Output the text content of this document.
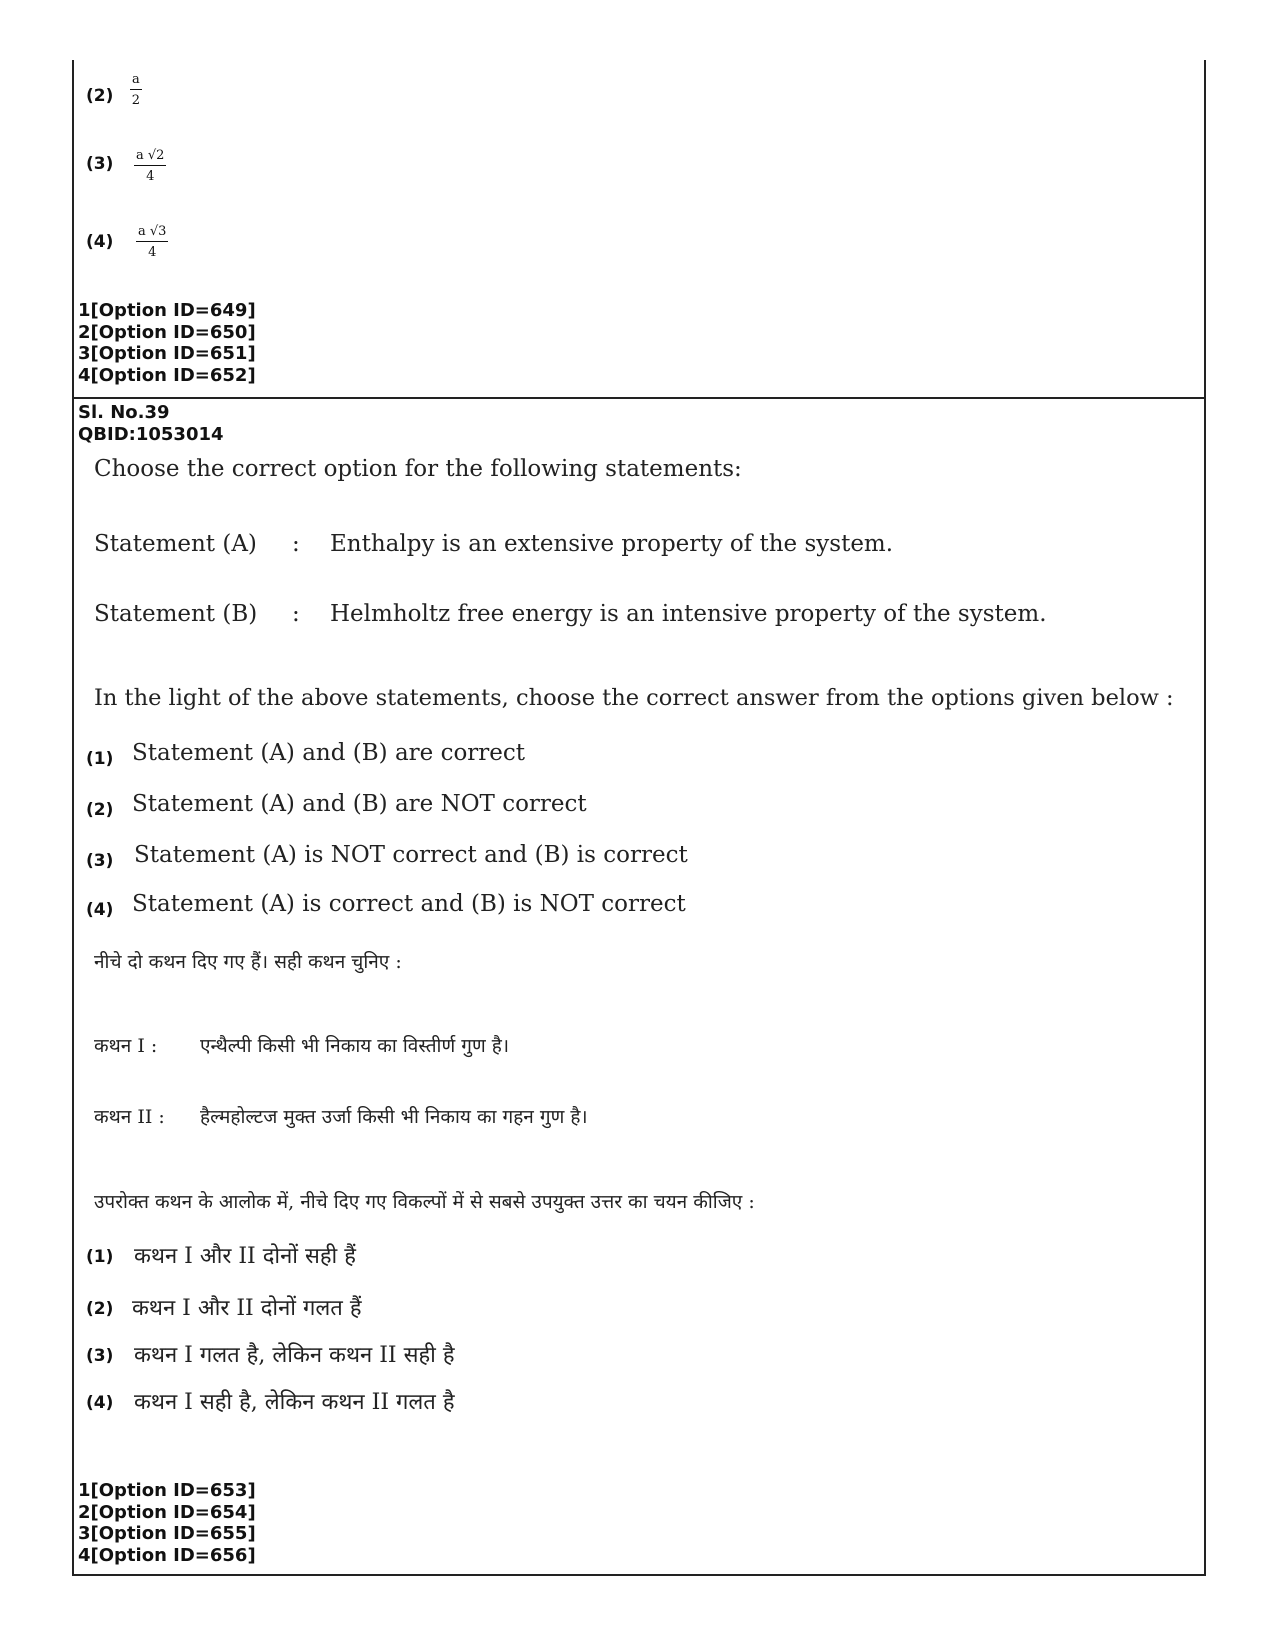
$(2) \frac{a}{2}$
$(3) \frac{a √2}{4}$
$(4) \frac{a √3}{4}$
1[Option ID=649]
2[Option ID=650]
3[Option ID=651]
4[Option ID=652]
Sl. No.39
QBID:1053014
Choose the correct option for the following statements:
Statement (A) : Enthalpy is an extensive property of the system.
Statement (B) : Helmholtz free energy is an intensive property of the system.
In the light of the above statements, choose the correct answer from the options given below :
(1) Statement (A) and (B) are correct
(2) Statement (A) and (B) are NOT correct
(3) Statement (A) is NOT correct and (B) is correct
(4) Statement (A) is correct and (B) is NOT correct
नीचे दो कथन दिए गए हैं। सही कथन चुनिए :
कथन I : एन्थैल्पी किसी भी निकाय का विस्तीर्ण गुण है।
कथन II : हैल्महोल्टज मुक्त उर्जा किसी भी निकाय का गहन गुण है।
उपरोक्त कथन के आलोक में, नीचे दिए गए विकल्पों में से सबसे उपयुक्त उत्तर का चयन कीजिए :
(1) कथन I और II दोनों सही हैं
(2) कथन I और II दोनों गलत हैं
(3) कथन I गलत है, लेकिन कथन II सही है
(4) कथन I सही है, लेकिन कथन II गलत है
1[Option ID=653]
2[Option ID=654]
3[Option ID=655]
4[Option ID=656]
